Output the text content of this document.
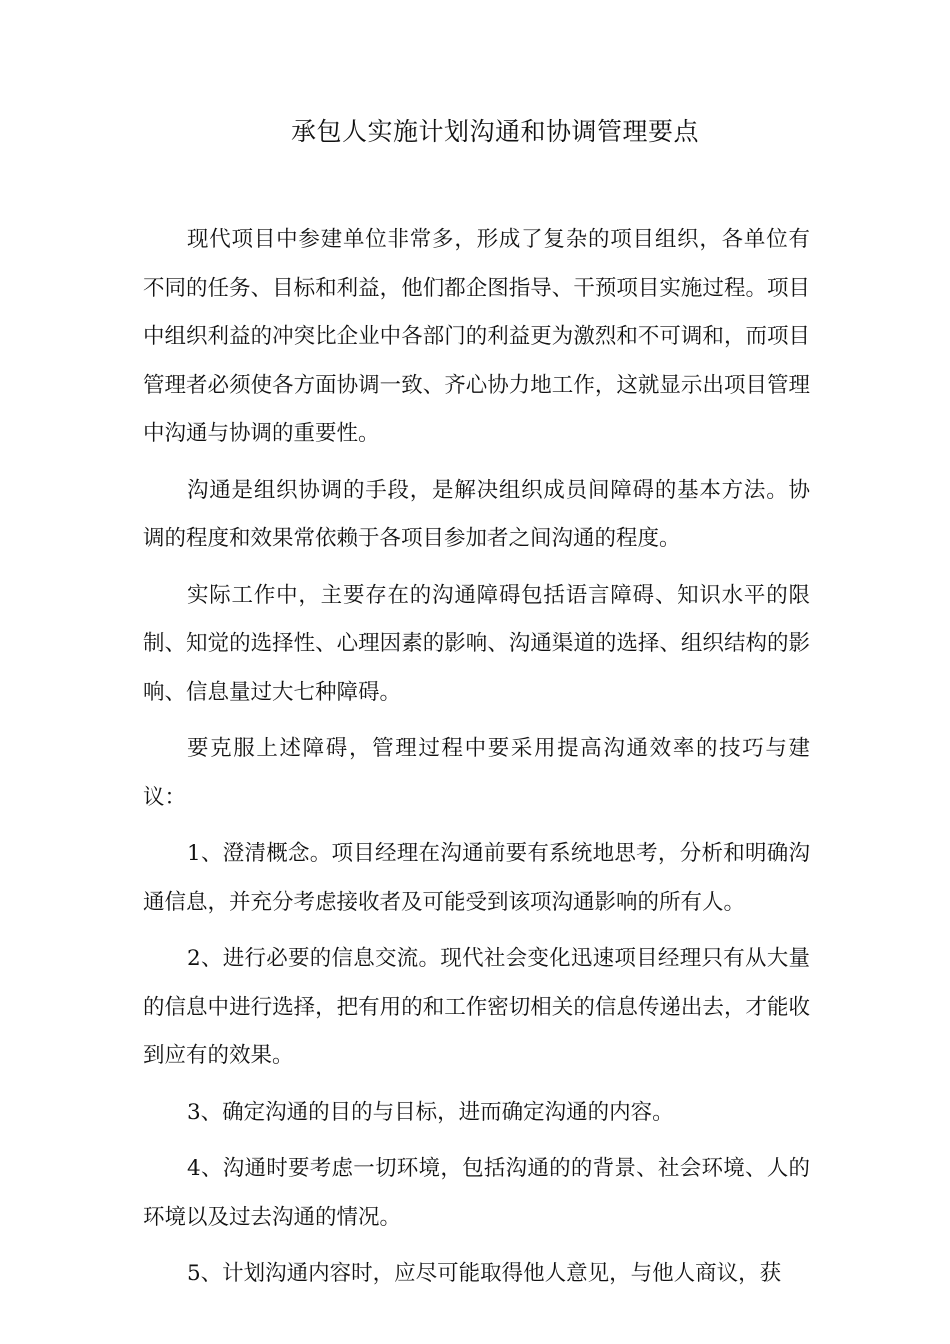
承包人实施计划沟通和协调管理要点

现代项目中参建单位非常多，形成了复杂的项目组织，各单位有不同的任务、目标和利益，他们都企图指导、干预项目实施过程。项目中组织利益的冲突比企业中各部门的利益更为激烈和不可调和，而项目管理者必须使各方面协调一致、齐心协力地工作，这就显示出项目管理中沟通与协调的重要性。

沟通是组织协调的手段，是解决组织成员间障碍的基本方法。协调的程度和效果常依赖于各项目参加者之间沟通的程度。

实际工作中，主要存在的沟通障碍包括语言障碍、知识水平的限制、知觉的选择性、心理因素的影响、沟通渠道的选择、组织结构的影响、信息量过大七种障碍。

要克服上述障碍，管理过程中要采用提高沟通效率的技巧与建议：

1、澄清概念。项目经理在沟通前要有系统地思考，分析和明确沟通信息，并充分考虑接收者及可能受到该项沟通影响的所有人。

2、进行必要的信息交流。现代社会变化迅速项目经理只有从大量的信息中进行选择，把有用的和工作密切相关的信息传递出去，才能收到应有的效果。

3、确定沟通的目的与目标，进而确定沟通的内容。

4、沟通时要考虑一切环境，包括沟通的的背景、社会环境、人的环境以及过去沟通的情况。

5、计划沟通内容时，应尽可能取得他人意见，与他人商议，获
